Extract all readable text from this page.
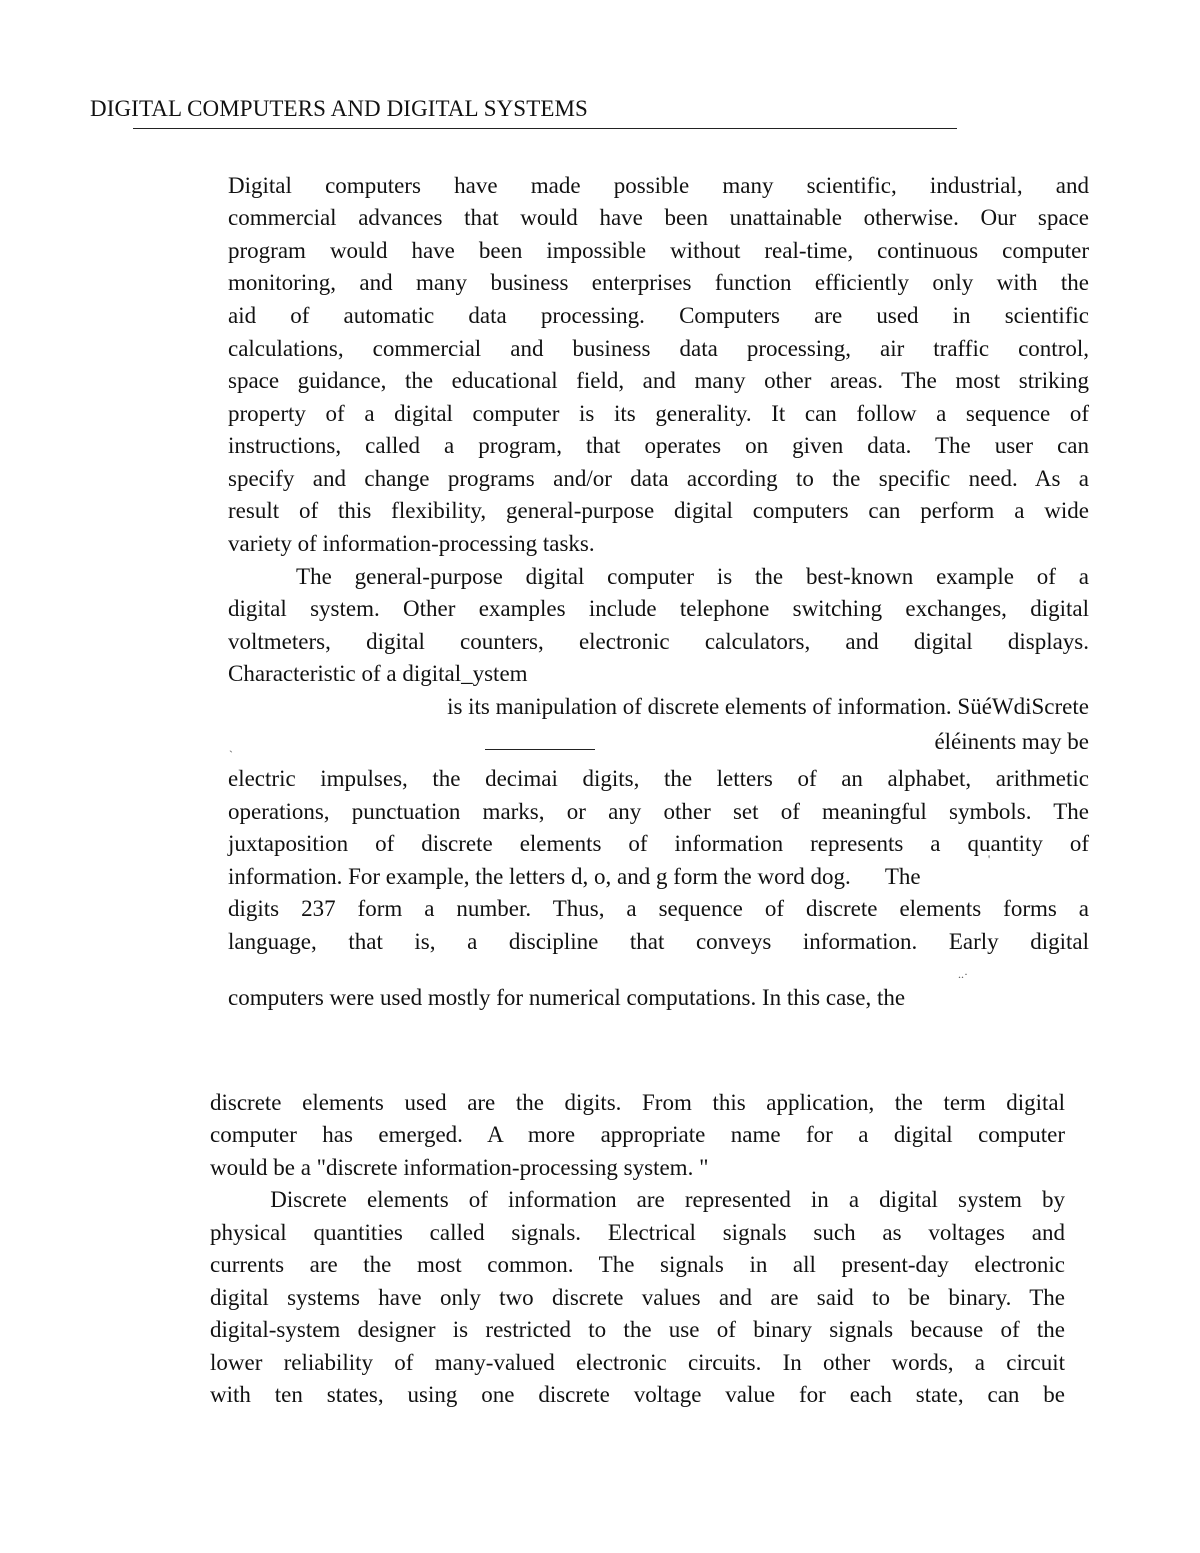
DIGITAL COMPUTERS AND DIGITAL SYSTEMS
Digital computers have made possible many scientific, industrial, and
commercial advances that would have been unattainable otherwise. Our space
program would have been impossible without real-time, continuous computer
monitoring, and many business enterprises function efficiently only with the
aid of automatic data processing. Computers are used in scientific
calculations, commercial and business data processing, air traffic control,
space guidance, the educational field, and many other areas. The most striking
property of a digital computer is its generality. It can follow a sequence of
instructions, called a program, that operates on given data. The user can
specify and change programs and/or data according to the specific need. As a
result of this flexibility, general-purpose digital computers can perform a wide
variety of information-processing tasks.
The general-purpose digital computer is the best-known example of a
digital system. Other examples include telephone switching exchanges, digital
voltmeters, digital counters, electronic calculators, and digital displays.
Characteristic of a digital_ystem
is its manipulation of discrete elements of information. SüéWdiScrete
`
éléinents may be
electric impulses, the decimai digits, the letters of an alphabet, arithmetic
operations, punctuation marks, or any other set of meaningful symbols. The
juxtaposition of discrete elements of information represents a quantity of
'
information. For example, the letters d, o, and g form the word dog.      The
digits 237 form a number. Thus, a sequence of discrete elements forms a
language, that is, a discipline that conveys information. Early digital
..·
computers were used mostly for numerical computations. In this case, the
discrete elements used are the digits. From this application, the term digital
computer has emerged. A more appropriate name for a digital computer
would be a "discrete information-processing system. "
Discrete elements of information are represented in a digital system by
physical quantities called signals. Electrical signals such as voltages and
currents are the most common. The signals in all present-day electronic
digital systems have only two discrete values and are said to be binary. The
digital-system designer is restricted to the use of binary signals because of the
lower reliability of many-valued electronic circuits. In other words, a circuit
with ten states, using one discrete voltage value for each state, can be
